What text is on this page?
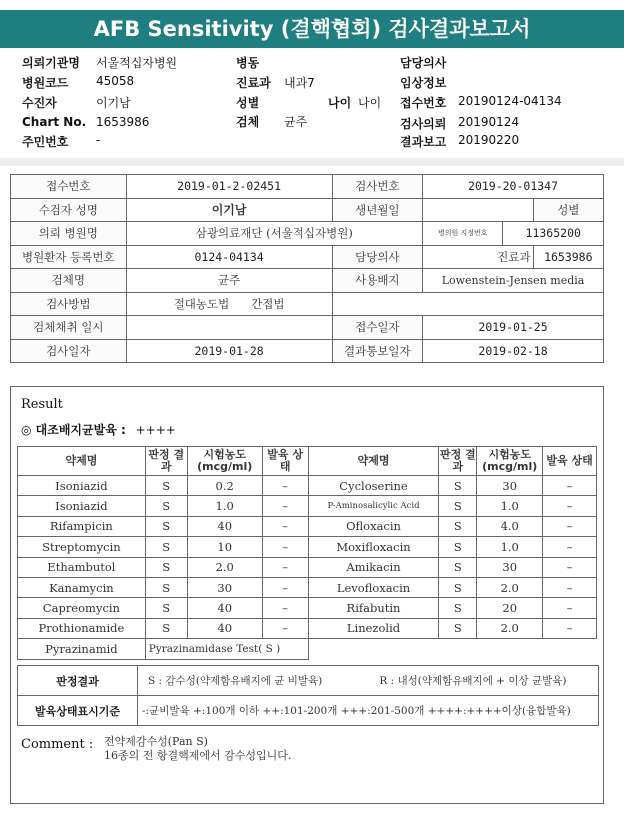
AFB Sensitivity (결핵협회) 검사결과보고서
의뢰기관명 서울적십자병원
병원코드 45058
수진자	이기남
Chart No. 1653986
주민번호 -
병동
진료과 내과7
성별	나이 나이
검체 균주
담당의사
임상정보
접수번호 20190124-04134
검사의뢰 20190124
결과보고 20190220
접수번호	2019-01-2-02451	검사번호	2019-20-01347		
수검자 성명	이기남	생년월일			성별
의뢰 병원명	삼광의료재단 (서울적십자병원)		병의원 지정번호	11365200	
병원환자 등록번호	0124-04134	담당의사	진료과		1653986
검체명	균주	사용배지	Lowenstein-Jensen media		
검사방법	절대농도법 간접법				
검체채취 일시		접수일자	2019-01-25		
검사일자	2019-01-28	결과통보일자	2019-02-18		
Result
◎ 대조배지균발육 : ++++
약제명	판정 결과	시험농도 (mcg/ml)	발육 상태	약제명	판정 결과	시험농도 (mcg/ml)	발육 상태
Isoniazid	S	0.2	–	Cycloserine	S	30	–
Isoniazid	S	1.0	–	P-Aminosalicylic Acid	S	1.0	–
Rifampicin	S	40	–	Ofloxacin	S	4.0	–
Streptomycin	S	10	–	Moxifloxacin	S	1.0	–
Ethambutol	S	2.0	–	Amikacin	S	30	–
Kanamycin	S	30	–	Levofloxacin	S	2.0	–
Capreomycin	S	40	–	Rifabutin	S	20	–
Prothionamide	S	40	–	Linezolid	S	2.0	–
Pyrazinamid	Pyrazinamidase Test( S )						
판정결과	S : 감수성(약제함유배지에 균 비발육) R : 내성(약제함유배지에 + 이상 균발육)
발육상태표시기준	-:균비발육 +:100개 이하 ++:101-200개 +++:201-500개 ++++:++++이상(융합발육)
Comment : 전약제감수성(Pan S)
16종의 전 항결핵제에서 감수성입니다.
